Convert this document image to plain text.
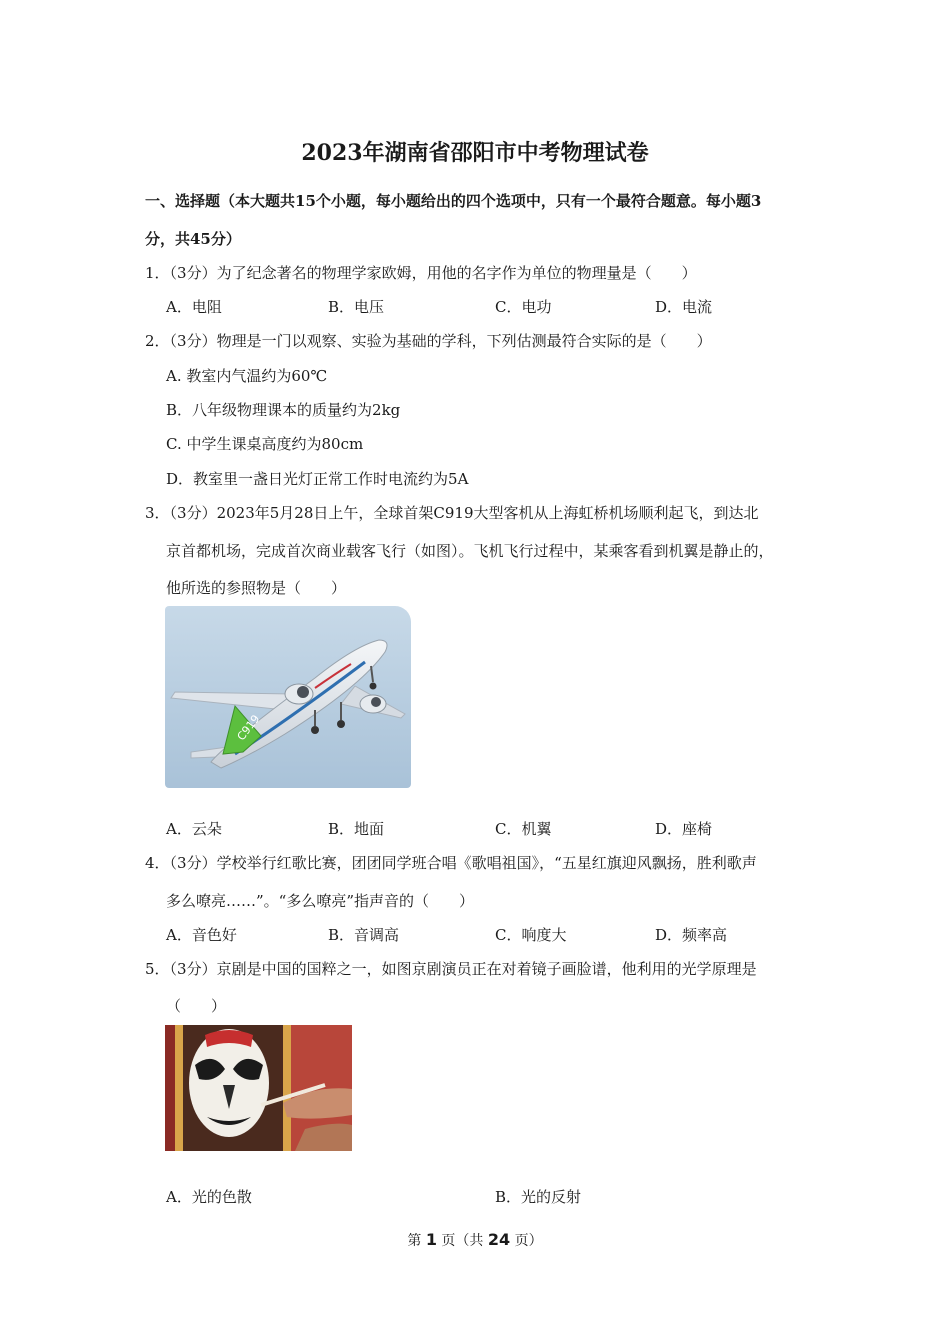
2023年湖南省邵阳市中考物理试卷
一、选择题（本大题共15个小题，每小题给出的四个选项中，只有一个最符合题意。每小题3
分，共45分）
1．（3分）为了纪念著名的物理学家欧姆，用他的名字作为单位的物理量是（　　）
A．电阻	B．电压	C．电功	D．电流
2．（3分）物理是一门以观察、实验为基础的学科，下列估测最符合实际的是（　　）
A. 教室内气温约为60℃
B．八年级物理课本的质量约为2kg
C. 中学生课桌高度约为80cm
D．教室里一盏日光灯正常工作时电流约为5A
3．（3分）2023年5月28日上午，全球首架C919大型客机从上海虹桥机场顺利起飞，到达北
京首都机场，完成首次商业载客飞行（如图）。飞机飞行过程中，某乘客看到机翼是静止的，
他所选的参照物是（　　）
C919
A．云朵	B．地面	C．机翼	D．座椅
4．（3分）学校举行红歌比赛，团团同学班合唱《歌唱祖国》，“五星红旗迎风飘扬，胜利歌声
多么嘹亮……”。“多么嘹亮”指声音的（　　）
A．音色好	B．音调高	C．响度大	D．频率高
5．（3分）京剧是中国的国粹之一，如图京剧演员正在对着镜子画脸谱，他利用的光学原理是
（　　）
A．光的色散	B．光的反射
第 1 页（共 24 页）
